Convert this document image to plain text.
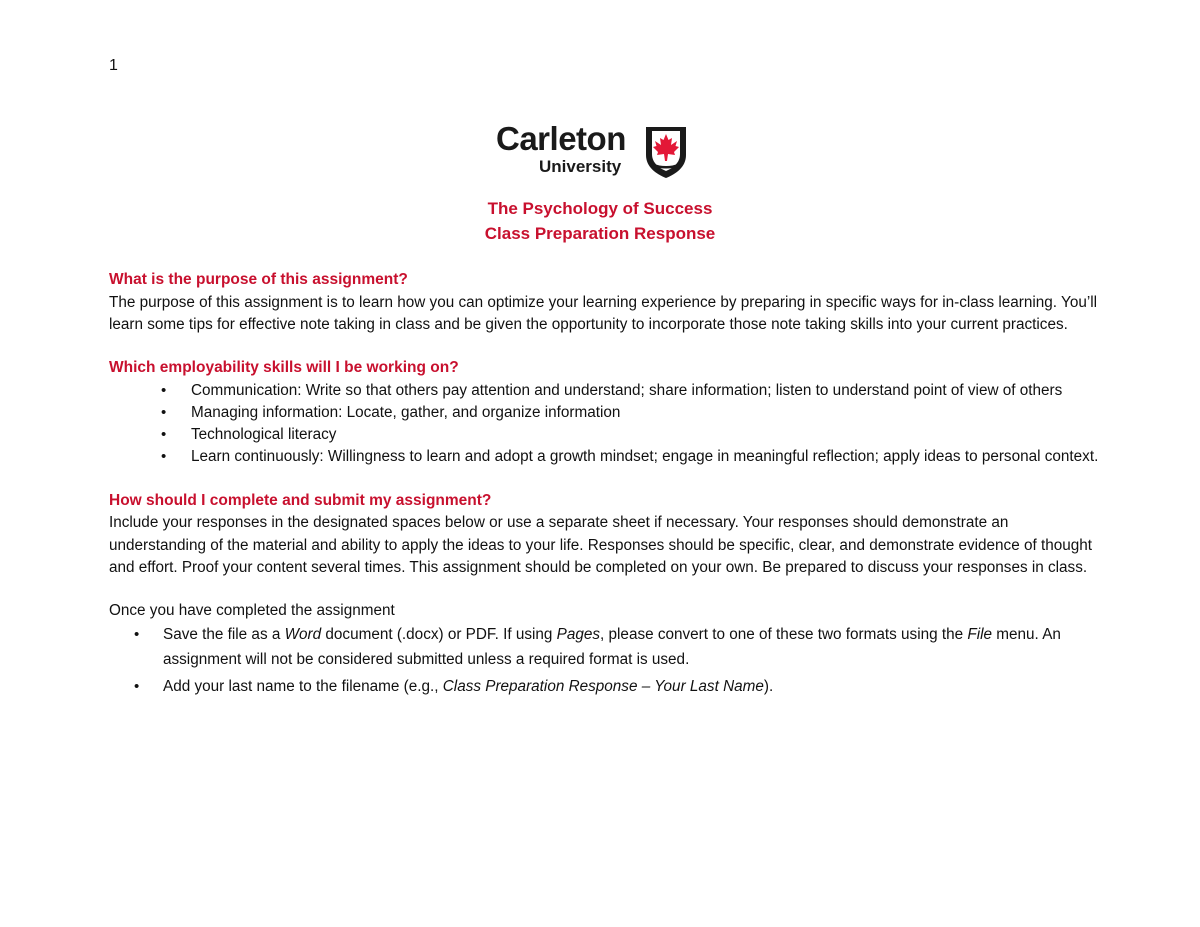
1
Carleton
University
The Psychology of Success
Class Preparation Response
What is the purpose of this assignment?

The purpose of this assignment is to learn how you can optimize your learning experience by preparing in specific ways for in-class learning. You’ll learn some tips for effective note taking in class and be given the opportunity to incorporate those note taking skills into your current practices.

Which employability skills will I be working on?
• Communication: Write so that others pay attention and understand; share information; listen to understand point of view of others
• Managing information: Locate, gather, and organize information
• Technological literacy
• Learn continuously: Willingness to learn and adopt a growth mindset; engage in meaningful reflection; apply ideas to personal context.
How should I complete and submit my assignment?

Include your responses in the designated spaces below or use a separate sheet if necessary. Your responses should demonstrate an understanding of the material and ability to apply the ideas to your life. Responses should be specific, clear, and demonstrate evidence of thought and effort. Proof your content several times. This assignment should be completed on your own. Be prepared to discuss your responses in class.

Once you have completed the assignment

• Save the file as a Word document (.docx) or PDF. If using Pages, please convert to one of these two formats using the File menu. An assignment will not be considered submitted unless a required format is used.
• Add your last name to the filename (e.g., Class Preparation Response – Your Last Name).
